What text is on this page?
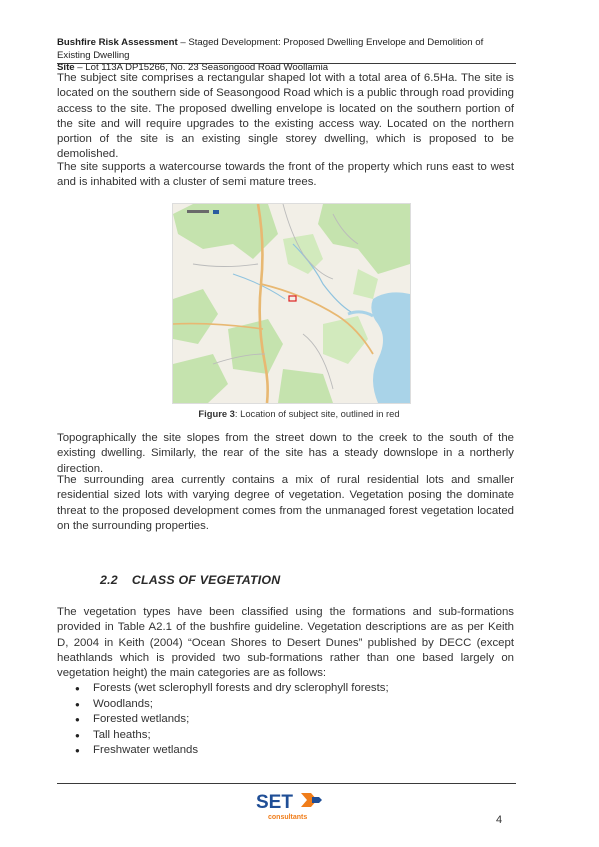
Bushfire Risk Assessment – Staged Development: Proposed Dwelling Envelope and Demolition of Existing Dwelling
Site – Lot 113A DP15266, No. 23 Seasongood Road Woollamia

The subject site comprises a rectangular shaped lot with a total area of 6.5Ha. The site is located on the southern side of Seasongood Road which is a public through road providing access to the site. The proposed dwelling envelope is located on the southern portion of the site and will require upgrades to the existing access way. Located on the northern portion of the site is an existing single storey dwelling, which is proposed to be demolished.

The site supports a watercourse towards the front of the property which runs east to west and is inhabited with a cluster of semi mature trees.

Figure 3: Location of subject site, outlined in red

Topographically the site slopes from the street down to the creek to the south of the existing dwelling. Similarly, the rear of the site has a steady downslope in a northerly direction.

The surrounding area currently contains a mix of rural residential lots and smaller residential sized lots with varying degree of vegetation. Vegetation posing the dominate threat to the proposed development comes from the unmanaged forest vegetation located on the surrounding properties.

2.2 CLASS OF VEGETATION

The vegetation types have been classified using the formations and sub-formations provided in Table A2.1 of the bushfire guideline. Vegetation descriptions are as per Keith D, 2004 in Keith (2004) “Ocean Shores to Desert Dunes” published by DECC (except heathlands which is provided two sub-formations rather than one based largely on vegetation height) the main categories are as follows:

● Forests (wet sclerophyll forests and dry sclerophyll forests;
● Woodlands;
● Forested wetlands;
● Tall heaths;
● Freshwater wetlands
SET
consultants	4
